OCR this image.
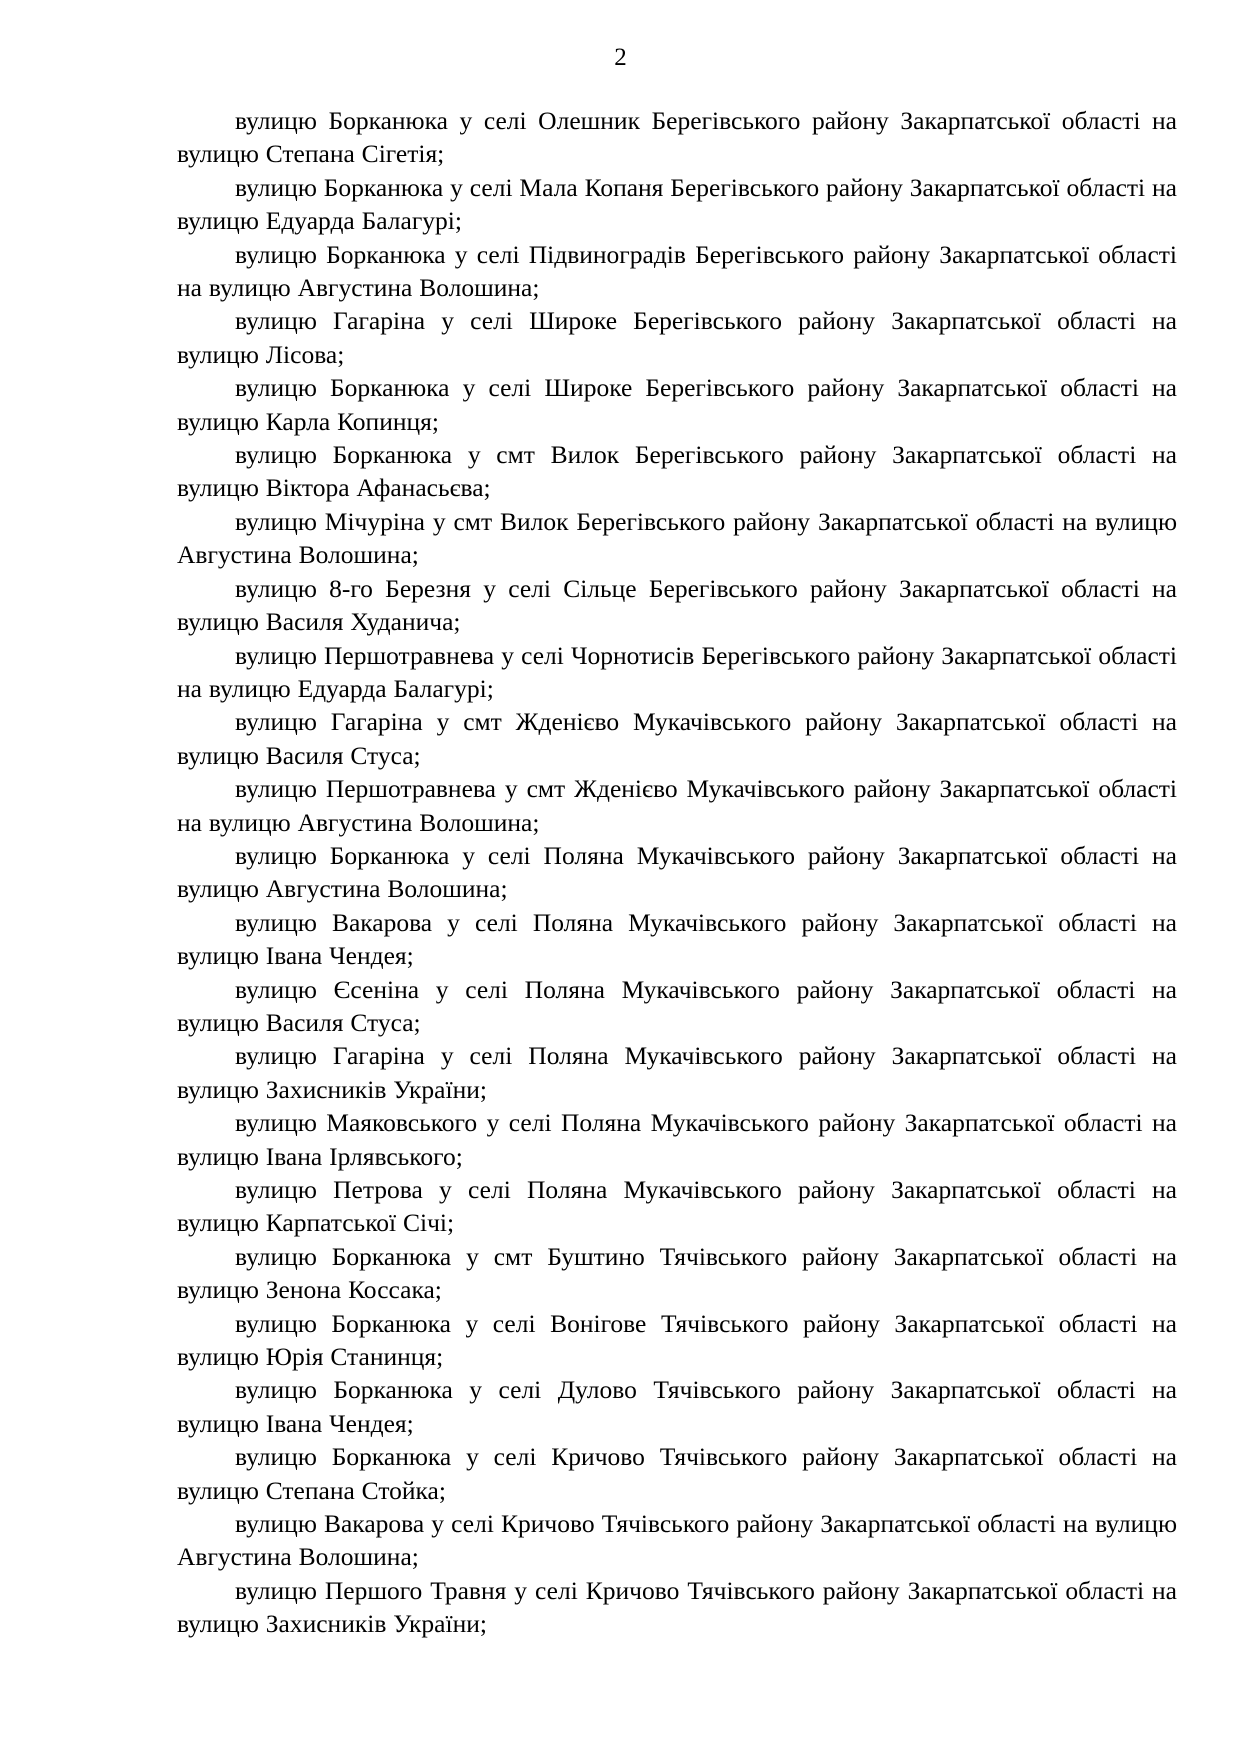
2

вулицю Борканюка у селі Олешник Берегівського району Закарпатської області на вулицю Степана Сігетія;

вулицю Борканюка у селі Мала Копаня Берегівського району Закарпатської області на вулицю Едуарда Балагурі;

вулицю Борканюка у селі Підвиноградів Берегівського району Закарпатської області на вулицю Августина Волошина;

вулицю Гагаріна у селі Широке Берегівського району Закарпатської області на вулицю Лісова;

вулицю Борканюка у селі Широке Берегівського району Закарпатської області на вулицю Карла Копинця;

вулицю Борканюка у смт Вилок Берегівського району Закарпатської області на вулицю Віктора Афанасьєва;

вулицю Мічуріна у смт Вилок Берегівського району Закарпатської області на вулицю Августина Волошина;

вулицю 8-го Березня у селі Сільце Берегівського району Закарпатської області на вулицю Василя Худанича;

вулицю Першотравнева у селі Чорнотисів Берегівського району Закарпатської області на вулицю Едуарда Балагурі;

вулицю Гагаріна у смт Жденієво Мукачівського району Закарпатської області на вулицю Василя Стуса;

вулицю Першотравнева у смт Жденієво Мукачівського району Закарпатської області на вулицю Августина Волошина;

вулицю Борканюка у селі Поляна Мукачівського району Закарпатської області на вулицю Августина Волошина;

вулицю Вакарова у селі Поляна Мукачівського району Закарпатської області на вулицю Івана Чендея;

вулицю Єсеніна у селі Поляна Мукачівського району Закарпатської області на вулицю Василя Стуса;

вулицю Гагаріна у селі Поляна Мукачівського району Закарпатської області на вулицю Захисників України;

вулицю Маяковського у селі Поляна Мукачівського району Закарпатської області на вулицю Івана Ірлявського;

вулицю Петрова у селі Поляна Мукачівського району Закарпатської області на вулицю Карпатської Січі;

вулицю Борканюка у смт Буштино Тячівського району Закарпатської області на вулицю Зенона Коссака;

вулицю Борканюка у селі Вонігове Тячівського району Закарпатської області на вулицю Юрія Станинця;

вулицю Борканюка у селі Дулово Тячівського району Закарпатської області на вулицю Івана Чендея;

вулицю Борканюка у селі Кричово Тячівського району Закарпатської області на вулицю Степана Стойка;

вулицю Вакарова у селі Кричово Тячівського району Закарпатської області на вулицю Августина Волошина;

вулицю Першого Травня у селі Кричово Тячівського району Закарпатської області на вулицю Захисників України;
